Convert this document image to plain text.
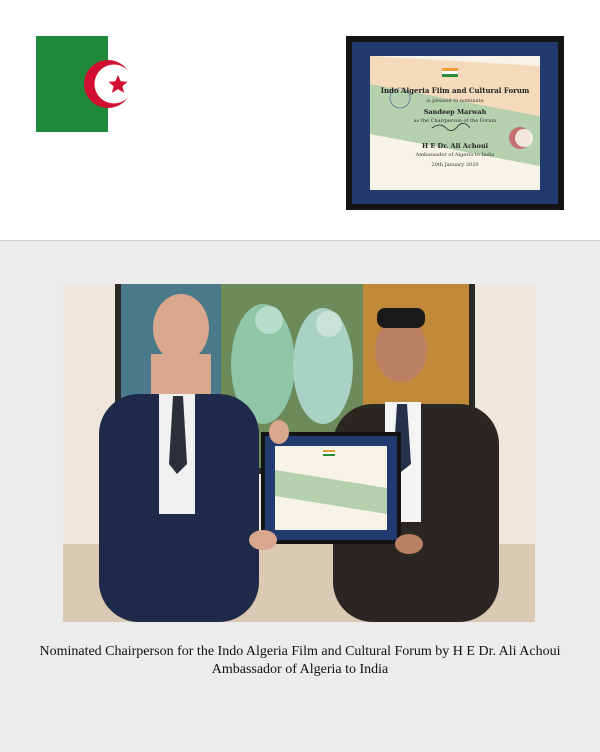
Indo Algeria Film and Cultural Forum
is pleased to nominate
Sandeep Marwah
as the Chairperson of the Forum
H E Dr. Ali Achoui
Ambassador of Algeria to India
20th January 2020
Nominated Chairperson for the Indo Algeria Film and Cultural Forum by H E Dr. Ali Achoui
Ambassador of Algeria to India
